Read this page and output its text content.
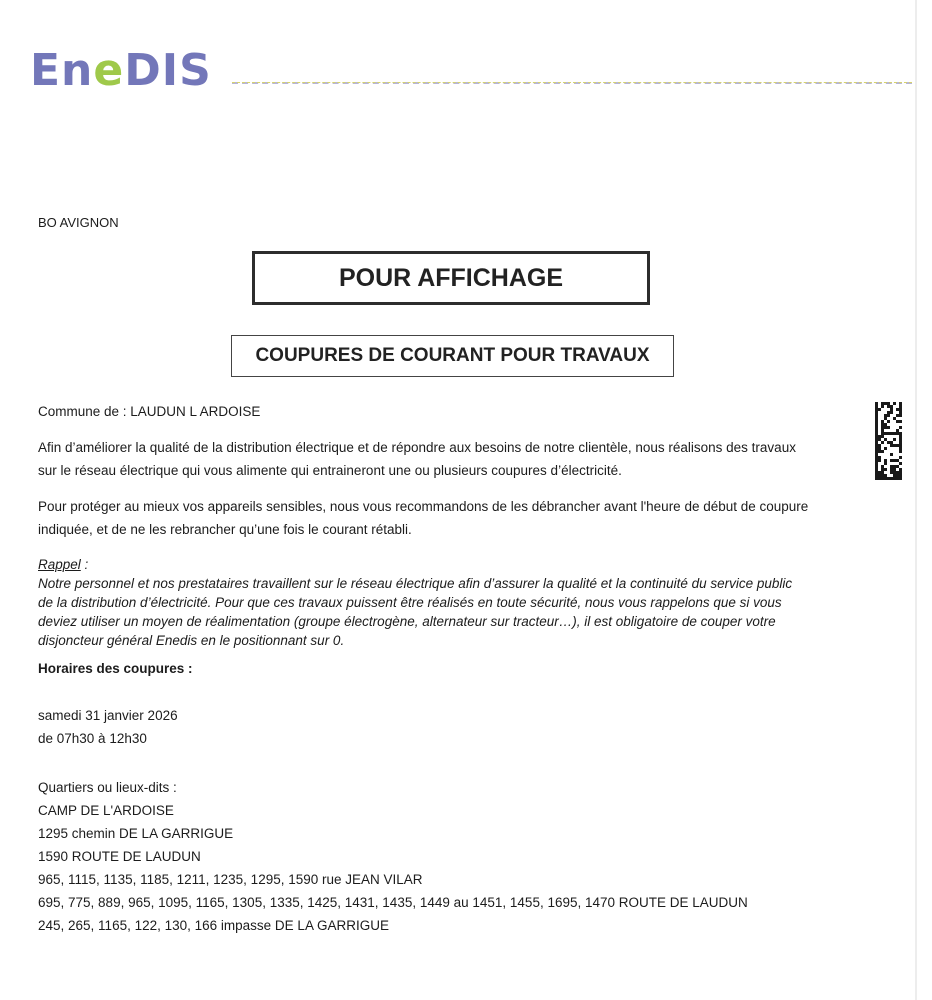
En e DIS
BO AVIGNON
POUR AFFICHAGE
COUPURES DE COURANT POUR TRAVAUX
Commune de : LAUDUN L ARDOISE
Afin d’améliorer la qualité de la distribution électrique et de répondre aux besoins de notre clientèle, nous réalisons des travaux
sur le réseau électrique qui vous alimente qui entraineront une ou plusieurs coupures d’électricité.
Pour protéger au mieux vos appareils sensibles, nous vous recommandons de les débrancher avant l'heure de début de coupure
indiquée, et de ne les rebrancher qu’une fois le courant rétabli.
Rappel :
Notre personnel et nos prestataires travaillent sur le réseau électrique afin d’assurer la qualité et la continuité du service public
de la distribution d’électricité. Pour que ces travaux puissent être réalisés en toute sécurité, nous vous rappelons que si vous
deviez utiliser un moyen de réalimentation (groupe électrogène, alternateur sur tracteur…), il est obligatoire de couper votre
disjoncteur général Enedis en le positionnant sur 0.
Horaires des coupures :
samedi 31 janvier 2026
de 07h30 à 12h30
Quartiers ou lieux-dits :
CAMP DE L'ARDOISE
1295 chemin DE LA GARRIGUE
1590 ROUTE DE LAUDUN
965, 1115, 1135, 1185, 1211, 1235, 1295, 1590 rue JEAN VILAR
695, 775, 889, 965, 1095, 1165, 1305, 1335, 1425, 1431, 1435, 1449 au 1451, 1455, 1695, 1470 ROUTE DE LAUDUN
245, 265, 1165, 122, 130, 166 impasse DE LA GARRIGUE
